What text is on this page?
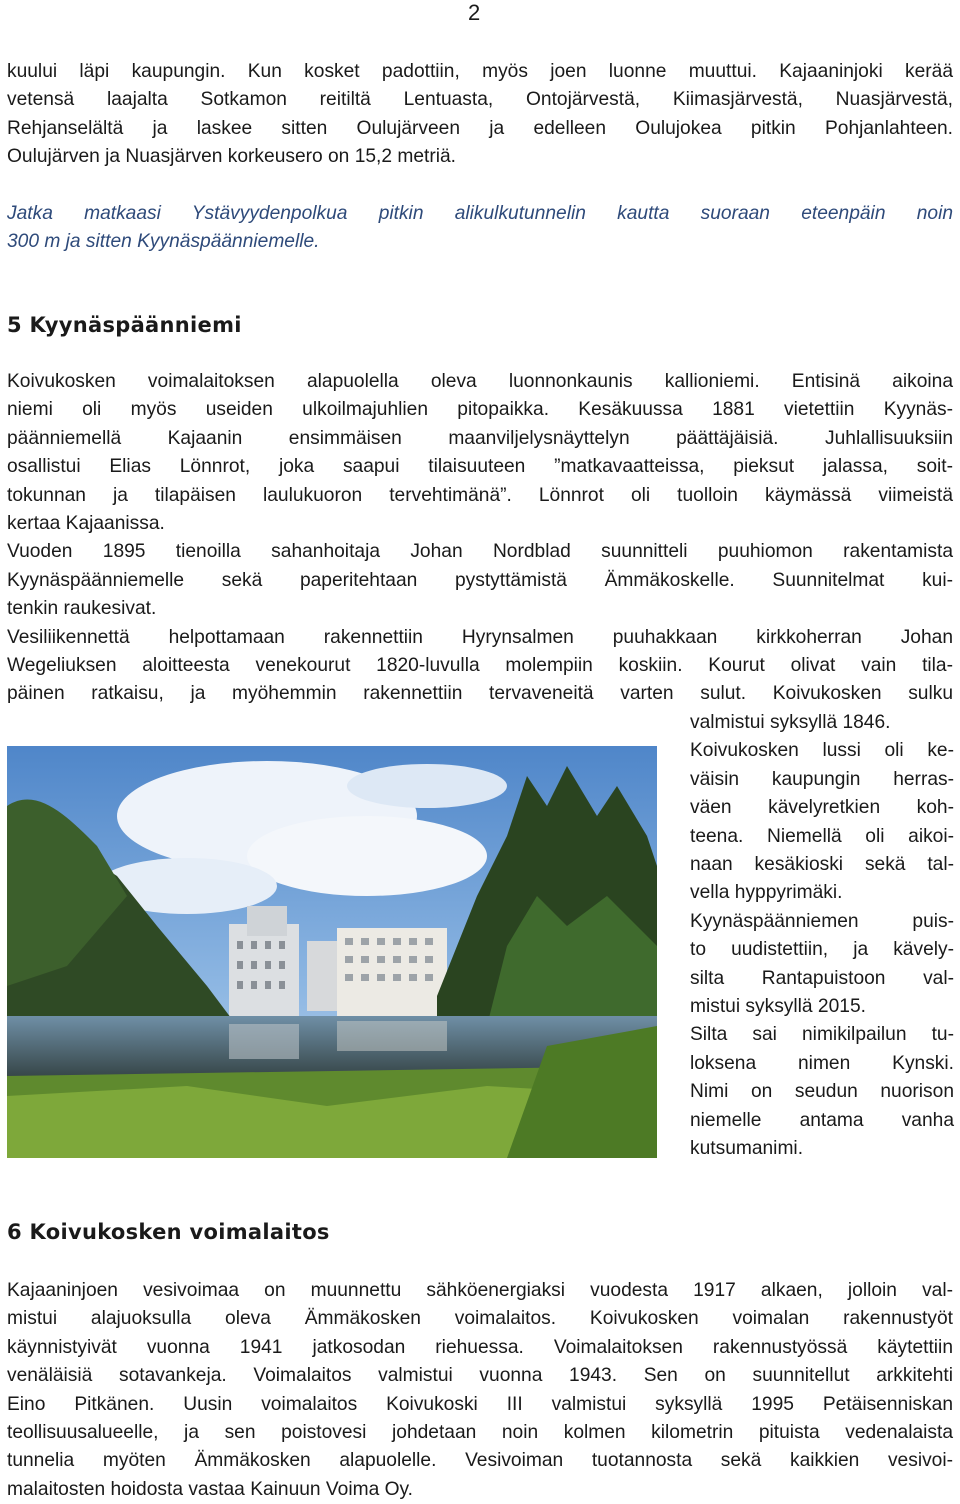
2
kuului läpi kaupungin. Kun kosket padottiin, myös joen luonne muuttui. Kajaaninjoki kerää
vetensä laajalta Sotkamon reitiltä Lentuasta, Ontojärvestä, Kiimasjärvestä, Nuasjärvestä,
Rehjanselältä ja laskee sitten Oulujärveen ja edelleen Oulujokea pitkin Pohjanlahteen.
Oulujärven ja Nuasjärven korkeusero on 15,2 metriä.
Jatka matkaasi Ystävyydenpolkua pitkin alikulkutunnelin kautta suoraan eteenpäin noin
300 m ja sitten Kyynäspäänniemelle.
5 Kyynäspäänniemi
Koivukosken voimalaitoksen alapuolella oleva luonnonkaunis kallioniemi. Entisinä aikoina
niemi oli myös useiden ulkoilmajuhlien pitopaikka. Kesäkuussa 1881 vietettiin Kyynäs-
päänniemellä Kajaanin ensimmäisen maanviljelysnäyttelyn päättäjäisiä. Juhlallisuuksiin
osallistui Elias Lönnrot, joka saapui tilaisuuteen ”matkavaatteissa, pieksut jalassa, soit-
tokunnan ja tilapäisen laulukuoron tervehtimänä”. Lönnrot oli tuolloin käymässä viimeistä
kertaa Kajaanissa.
Vuoden 1895 tienoilla sahanhoitaja Johan Nordblad suunnitteli puuhiomon rakentamista
Kyynäspäänniemelle sekä paperitehtaan pystyttämistä Ämmäkoskelle. Suunnitelmat kui-
tenkin raukesivat.
Vesiliikennettä helpottamaan rakennettiin Hyrynsalmen puuhakkaan kirkkoherran Johan
Wegeliuksen aloitteesta venekourut 1820-luvulla molempiin koskiin. Kourut olivat vain tila-
päinen ratkaisu, ja myöhemmin rakennettiin tervaveneitä varten sulut. Koivukosken sulku
valmistui syksyllä 1846.
Koivukosken lussi oli ke-
väisin kaupungin herras-
väen kävelyretkien koh-
teena. Niemellä oli aikoi-
naan kesäkioski sekä tal-
vella hyppyrimäki.
Kyynäspäänniemen puis-
to uudistettiin, ja kävely-
silta Rantapuistoon val-
mistui syksyllä 2015.
Silta sai nimikilpailun tu-
loksena nimen Kynski.
Nimi on seudun nuorison
niemelle antama vanha
kutsumanimi.
6 Koivukosken voimalaitos
Kajaaninjoen vesivoimaa on muunnettu sähköenergiaksi vuodesta 1917 alkaen, jolloin val-
mistui alajuoksulla oleva Ämmäkosken voimalaitos. Koivukosken voimalan rakennustyöt
käynnistyivät vuonna 1941 jatkosodan riehuessa. Voimalaitoksen rakennustyössä käytettiin
venäläisiä sotavankeja. Voimalaitos valmistui vuonna 1943. Sen on suunnitellut arkkitehti
Eino Pitkänen. Uusin voimalaitos Koivukoski III valmistui syksyllä 1995 Petäisenniskan
teollisuusalueelle, ja sen poistovesi johdetaan noin kolmen kilometrin pituista vedenalaista
tunnelia myöten Ämmäkosken alapuolelle. Vesivoiman tuotannosta sekä kaikkien vesivoi-
malaitosten hoidosta vastaa Kainuun Voima Oy.
